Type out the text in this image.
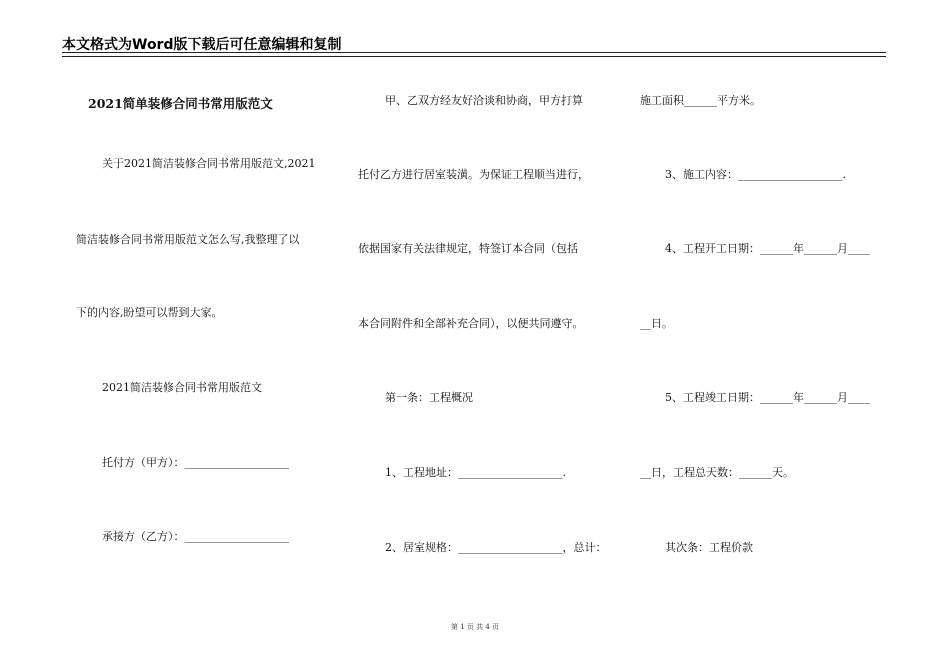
本文格式为Word版下载后可任意编辑和复制
2021简单装修合同书常用版范文
关于2021简洁装修合同书常用版范文,2021
简洁装修合同书常用版范文怎么写,我整理了以
下的内容,盼望可以帮到大家。
2021简洁装修合同书常用版范文
托付方（甲方）：___________________
承接方（乙方）：___________________
甲、乙双方经友好洽谈和协商，甲方打算
托付乙方进行居室装潢。为保证工程顺当进行，
依据国家有关法律规定，特签订本合同（包括
本合同附件和全部补充合同），以便共同遵守。
第一条：工程概况
1、工程地址：___________________.
2、居室规格：___________________，总计：
施工面积______平方米。
3、施工内容：___________________.
4、工程开工日期：______年______月____
__日。
5、工程竣工日期：______年______月____
__日，工程总天数：______天。
其次条：工程价款
第 1 页 共 4 页
